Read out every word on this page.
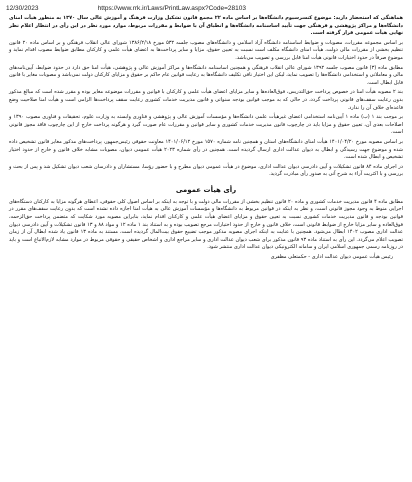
12/30/2023	https://www.rrk.ir/Laws/PrintLaw.aspx?Code=28103

هماهنگی که استحضار دارید: موضوع کنسرسیوم دانشگاه‌ها بر اساس ماده ۲۲ مجمع قانون تشکیل وزارت فرهنگ و آموزش عالی سال ۱۳۷۰ به منظور هیأت امنای دانشگاه‌ها و مراکز پژوهشی و فرهنگی جهت تأیید اساسنامه دانشگاه‌ها و انطباق آن با ضوابط و مقررات مربوط، موارد مورد نظر در این رأی در انتظار اعلام نظر نهایی هیأت عمومی قرار گرفته است.

بر اساس مجموعه مقررات، مصوبات و ضوابط اساسنامه دانشگاه آزاد اسلامی و دانشگاه‌های مصوب جلسه ۵۳۲ مورخ ۱۳۸۶/۲/۱۸ شورای عالی انقلاب فرهنگی و بر اساس ماده ۲۰ قانون تنظیم بخشی از مقررات مالی دولت، هیأت امنای دانشگاه مکلف است نسبت به تعیین حقوق، مزایا و سایر پرداخت‌ها به اعضای هیأت علمی و کارکنان مطابق ضوابط مصوب اقدام نماید و موضوع صرفاً در حدود اختیارات قانونی هیأت امنا قابل بررسی و تصویب می‌باشد.

مطابق ماده (۳) قانون مصوب جلسه ۱۳۹۲ شورای عالی انقلاب فرهنگی و همچنین اساسنامه دانشگاه‌ها و مراکز آموزش عالی و پژوهشی، هیأت امنا حق دارد در حدود ضوابط، آیین‌نامه‌های مالی و معاملاتی و استخدامی دانشگاه‌ها را تصویب نماید، لیکن این اختیار نافی تکلیف دانشگاه‌ها به رعایت قوانین عام حاکم بر حقوق و مزایای کارکنان دولت نمی‌باشد و مصوبات مغایر با قانون قابل ابطال است.

بند ۲ مصوبه هیأت امنا در خصوص پرداخت حق‌التدریس، فوق‌العاده‌ها و سایر مزایای اعضای هیأت علمی و کارکنان با قوانین و مقررات موضوعه مغایر بوده و مقرر شده است که مبالغ مذکور بدون رعایت سقف‌های قانونی پرداخت گردد، در حالی که به موجب قوانین بودجه سنواتی و قانون مدیریت خدمات کشوری رعایت سقف پرداخت‌ها الزامی است و هیأت امنا صلاحیت وضع قاعده‌ای خلاف آن را ندارد.

بر موجب بند ۱ (ب) ماده ۱ آیین‌نامه استخدامی اعضای غیرهیأت علمی دانشگاه‌ها و مؤسسات آموزش عالی و پژوهشی و فناوری وابسته به وزارت علوم، تحقیقات و فناوری مصوب ۱۳۹۰ و اصلاحات بعدی آن، تعیین حقوق و مزایا باید در چارچوب قانون مدیریت خدمات کشوری و سایر قوانین و مقررات عام صورت گیرد و هرگونه پرداخت خارج از این چارچوب فاقد مجوز قانونی است.

بر اساس مصوبه مورخ ۱۴۰۱/۰۴/۲۰ هیأت امنای دانشگاه‌های استان و همچنین نامه شماره ۱۵۷۰ مورخ ۱۴۰۱/۰۶/۱۲ معاونت حقوقی رئیس‌جمهور، پرداخت‌های مذکور مغایر قانون تشخیص داده شده و موضوع جهت رسیدگی و ابطال به دیوان عدالت اداری ارسال گردیده است. همچنین در رأی شماره ۲۰۲۳ هیأت عمومی دیوان، مصوبات مشابه خلاف قانون و خارج از حدود اختیار تشخیص و ابطال شده است.

در اجرای ماده ۸۴ قانون تشکیلات و آیین دادرسی دیوان عدالت اداری، موضوع در هیأت عمومی دیوان مطرح و با حضور رؤسا، مستشاران و دادرسان شعب دیوان تشکیل شد و پس از بحث و بررسی و با اکثریت آراء به شرح آتی به صدور رأی مبادرت گردید.

رأی هیأت عمومی

مطابق ماده ۴ قانون مدیریت خدمات کشوری و ماده ۲۰ قانون تنظیم بخشی از مقررات مالی دولت و با توجه به اینکه بر اساس اصول کلی حقوقی، اعطای هرگونه مزایا به کارکنان دستگاه‌های اجرایی منوط به وجود مجوز قانونی است، و نظر به اینکه در قوانین مربوط به دانشگاه‌ها و مؤسسات آموزش عالی به هیأت امنا اجازه داده نشده است که بدون رعایت سقف‌های مقرر در قوانین بودجه و قانون مدیریت خدمات کشوری نسبت به تعیین حقوق و مزایای اعضای هیأت علمی و کارکنان اقدام نماید، بنابراین مصوبه مورد شکایت که متضمن پرداخت حق‌الزحمه، فوق‌العاده و سایر مزایا خارج از ضوابط قانونی است، خلاف قانون و خارج از حدود اختیارات مرجع تصویب بوده و به استناد بند ۱ ماده ۱۲ و مواد ۸۸ و ۱۳ قانون تشکیلات و آیین دادرسی دیوان عدالت اداری مصوب ۱۴۰۲ ابطال می‌شود. همچنین با عنایت به اینکه اجرای مصوبه مذکور موجب تضییع حقوق بیت‌المال گردیده است، مستند به ماده ۱۳ قانون یاد شده ابطال آن از زمان تصویب اعلام می‌گردد. این رأی به استناد ماده ۹۳ قانون مذکور برای شعب دیوان عدالت اداری و سایر مراجع اداری و اشخاص حقیقی و حقوقی مربوط در موارد مشابه لازم‌الاتباع است و باید در روزنامه رسمی جمهوری اسلامی ایران و سامانه الکترونیکی دیوان عدالت اداری منتشر شود.

رئیس هیأت عمومی دیوان عدالت اداری - حکمتعلی مظفری
